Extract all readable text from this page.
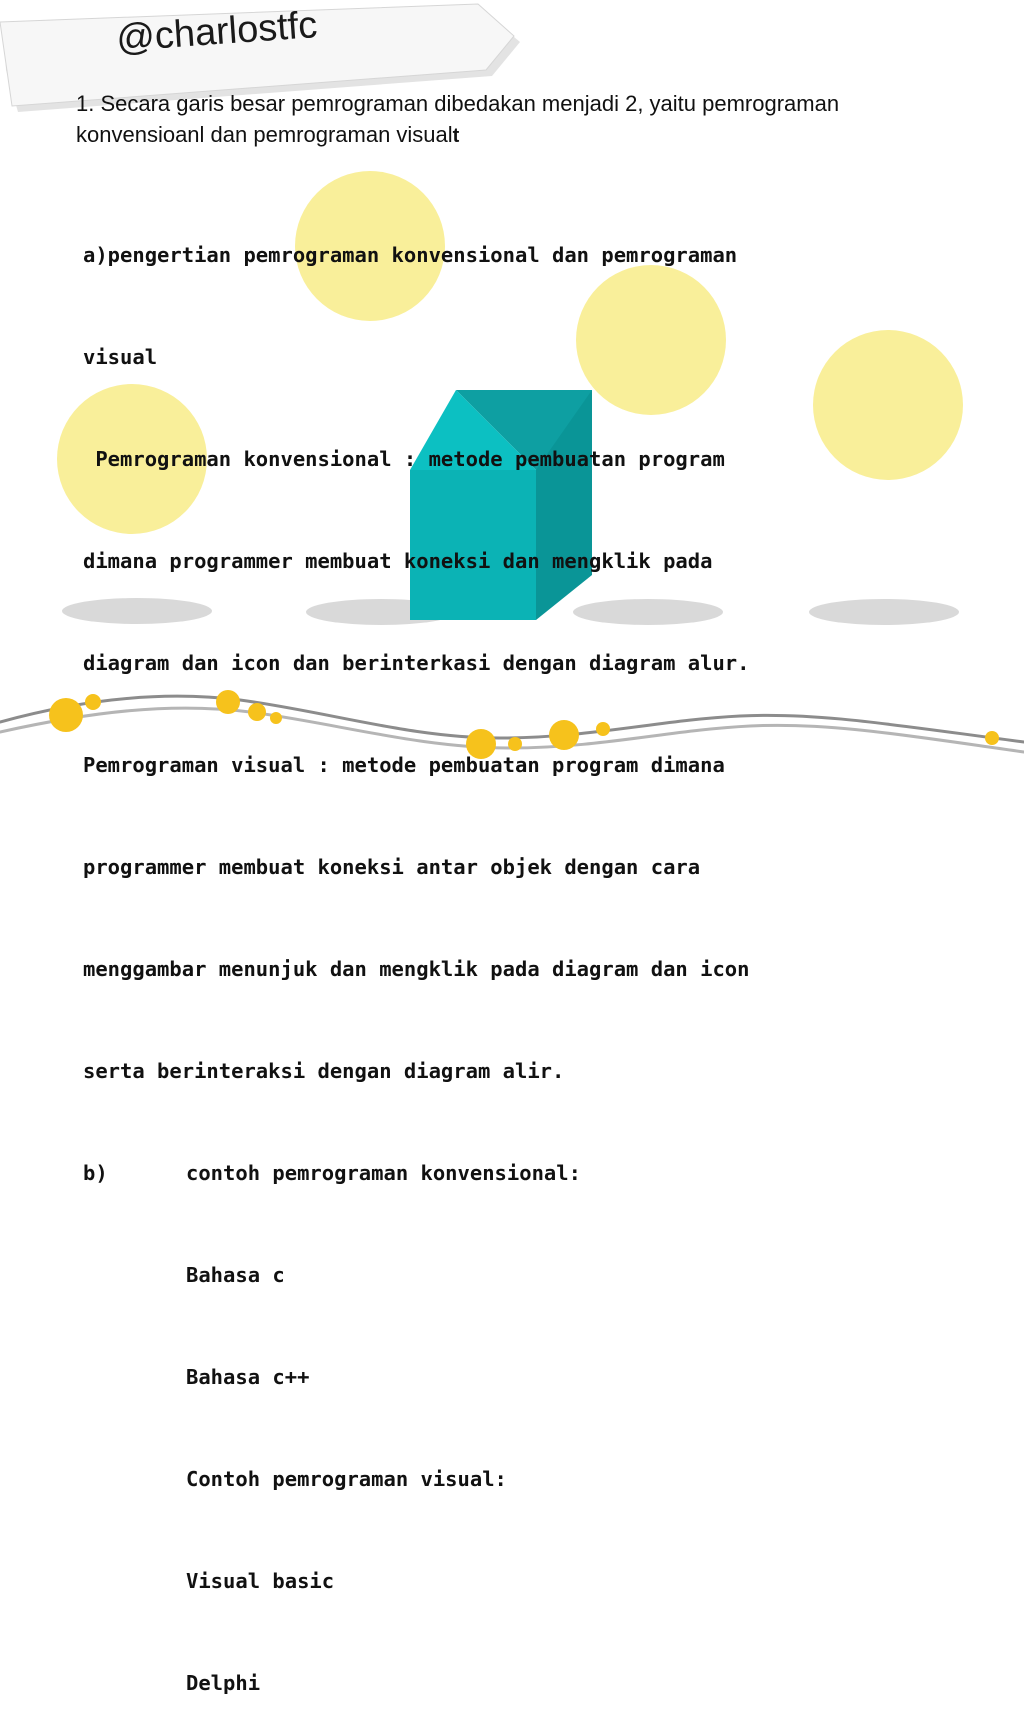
@charlostfc
1. Secara garis besar pemrograman dibedakan menjadi 2, yaitu pemrograman konvensioanl dan pemrograman visualt

a)pengertian pemrograman konvensional dan pemrograman

visual

Pemrograman konvensional : metode pembuatan program

dimana programmer membuat koneksi dan mengklik pada

diagram dan icon dan berinterkasi dengan diagram alur.

Pemrograman visual : metode pembuatan program dimana

programmer membuat koneksi antar objek dengan cara

menggambar menunjuk dan mengklik pada diagram dan icon

serta berinteraksi dengan diagram alir.

b)	contoh pemrograman konvensional:

Bahasa c

Bahasa c++

Contoh pemrograman visual:

Visual basic

Delphi
